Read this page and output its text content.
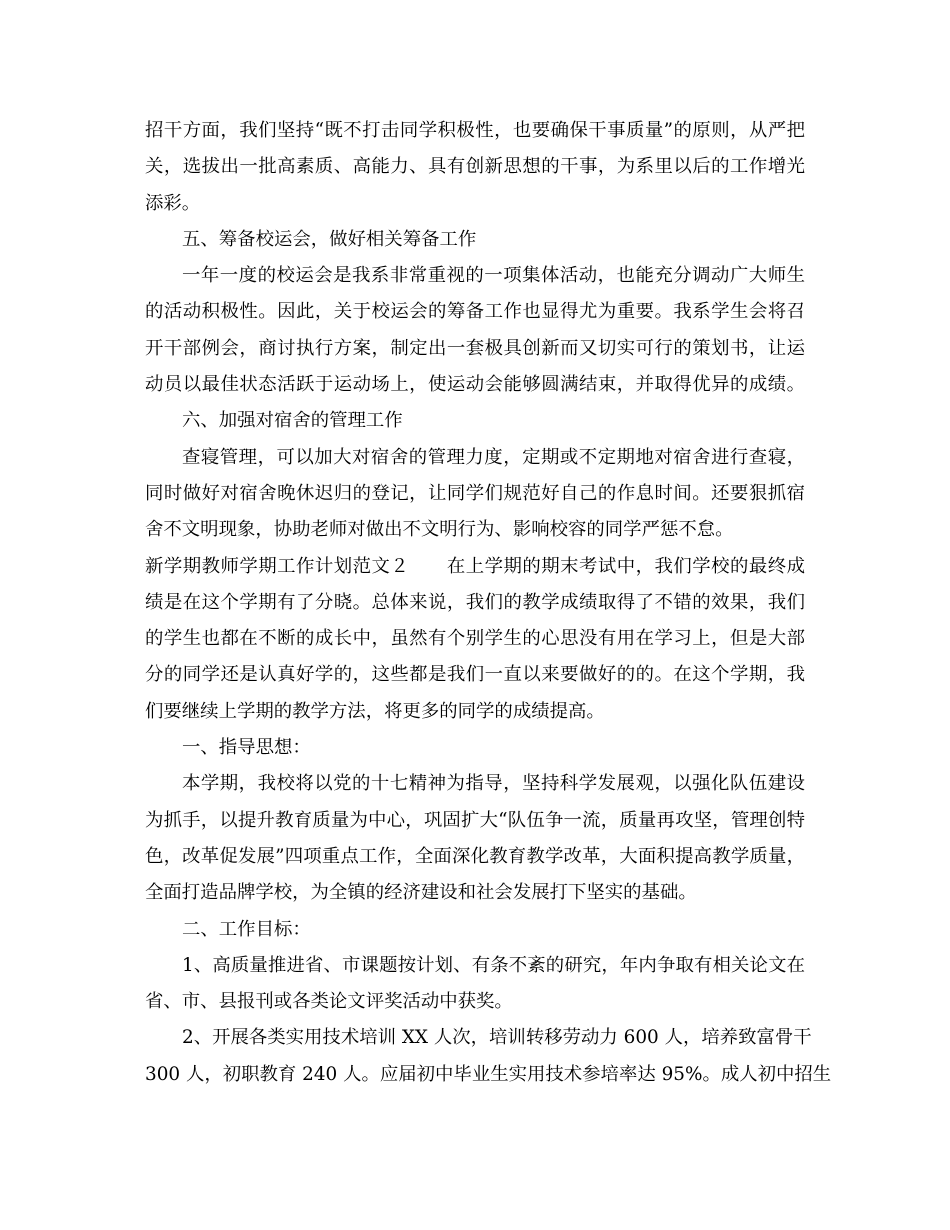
招干方面，我们坚持“既不打击同学积极性，也要确保干事质量”的原则，从严把
关，选拔出一批高素质、高能力、具有创新思想的干事，为系里以后的工作增光
添彩。
五、筹备校运会，做好相关筹备工作
一年一度的校运会是我系非常重视的一项集体活动，也能充分调动广大师生
的活动积极性。因此，关于校运会的筹备工作也显得尤为重要。我系学生会将召
开干部例会，商讨执行方案，制定出一套极具创新而又切实可行的策划书，让运
动员以最佳状态活跃于运动场上，使运动会能够圆满结束，并取得优异的成绩。
六、加强对宿舍的管理工作
查寝管理，可以加大对宿舍的管理力度，定期或不定期地对宿舍进行查寝，
同时做好对宿舍晚休迟归的登记，让同学们规范好自己的作息时间。还要狠抓宿
舍不文明现象，协助老师对做出不文明行为、影响校容的同学严惩不怠。
新学期教师学期工作计划范文２　　在上学期的期末考试中，我们学校的最终成
绩是在这个学期有了分晓。总体来说，我们的教学成绩取得了不错的效果，我们
的学生也都在不断的成长中，虽然有个别学生的心思没有用在学习上，但是大部
分的同学还是认真好学的，这些都是我们一直以来要做好的的。在这个学期，我
们要继续上学期的教学方法，将更多的同学的成绩提高。
一、指导思想：
本学期，我校将以党的十七精神为指导，坚持科学发展观，以强化队伍建设
为抓手，以提升教育质量为中心，巩固扩大“队伍争一流，质量再攻坚，管理创特
色，改革促发展”四项重点工作，全面深化教育教学改革，大面积提高教学质量，
全面打造品牌学校，为全镇的经济建设和社会发展打下坚实的基础。
二、工作目标：
1、高质量推进省、市课题按计划、有条不紊的研究，年内争取有相关论文在
省、市、县报刊或各类论文评奖活动中获奖。
2、开展各类实用技术培训 XX 人次，培训转移劳动力 600 人，培养致富骨干
300 人，初职教育 240 人。应届初中毕业生实用技术参培率达 95%。成人初中招生
